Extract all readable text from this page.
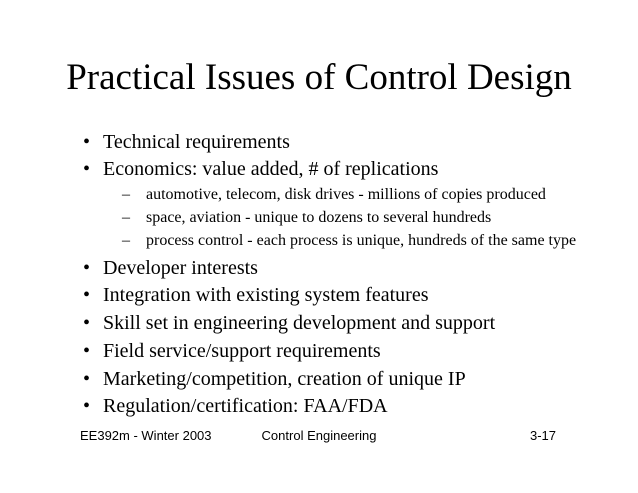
Practical Issues of Control Design
• Technical requirements
• Economics: value added, # of replications
– automotive, telecom, disk drives - millions of copies produced
– space, aviation - unique to dozens to several hundreds
– process control - each process is unique, hundreds of the same type
• Developer interests
• Integration with existing system features
• Skill set in engineering development and support
• Field service/support requirements
• Marketing/competition, creation of unique IP
• Regulation/certification: FAA/FDA
EE392m - Winter 2003	Control Engineering	3-17
